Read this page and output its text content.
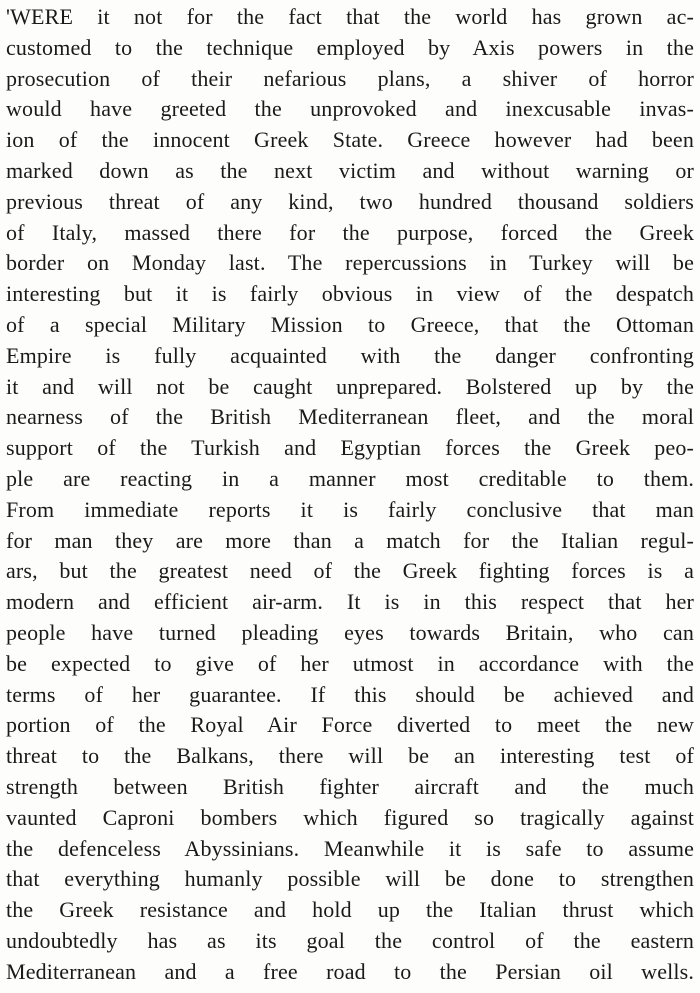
'WERE it not for the fact that the world has grown ac-
customed to the technique employed by Axis powers in the
prosecution of their nefarious plans, a shiver of horror
would have greeted the unprovoked and inexcusable invas-
ion of the innocent Greek State. Greece however had been
marked down as the next victim and without warning or
previous threat of any kind, two hundred thousand soldiers
of Italy, massed there for the purpose, forced the Greek
border on Monday last. The repercussions in Turkey will be
interesting but it is fairly obvious in view of the despatch
of a special Military Mission to Greece, that the Ottoman
Empire is fully acquainted with the danger confronting
it and will not be caught unprepared. Bolstered up by the
nearness of the British Mediterranean fleet, and the moral
support of the Turkish and Egyptian forces the Greek peo-
ple are reacting in a manner most creditable to them.
From immediate reports it is fairly conclusive that man
for man they are more than a match for the Italian regul-
ars, but the greatest need of the Greek fighting forces is a
modern and efficient air-arm. It is in this respect that her
people have turned pleading eyes towards Britain, who can
be expected to give of her utmost in accordance with the
terms of her guarantee. If this should be achieved and
portion of the Royal Air Force diverted to meet the new
threat to the Balkans, there will be an interesting test of
strength between British fighter aircraft and the much
vaunted Caproni bombers which figured so tragically against
the defenceless Abyssinians. Meanwhile it is safe to assume
that everything humanly possible will be done to strengthen
the Greek resistance and hold up the Italian thrust which
undoubtedly has as its goal the control of the eastern
Mediterranean and a free road to the Persian oil wells.
